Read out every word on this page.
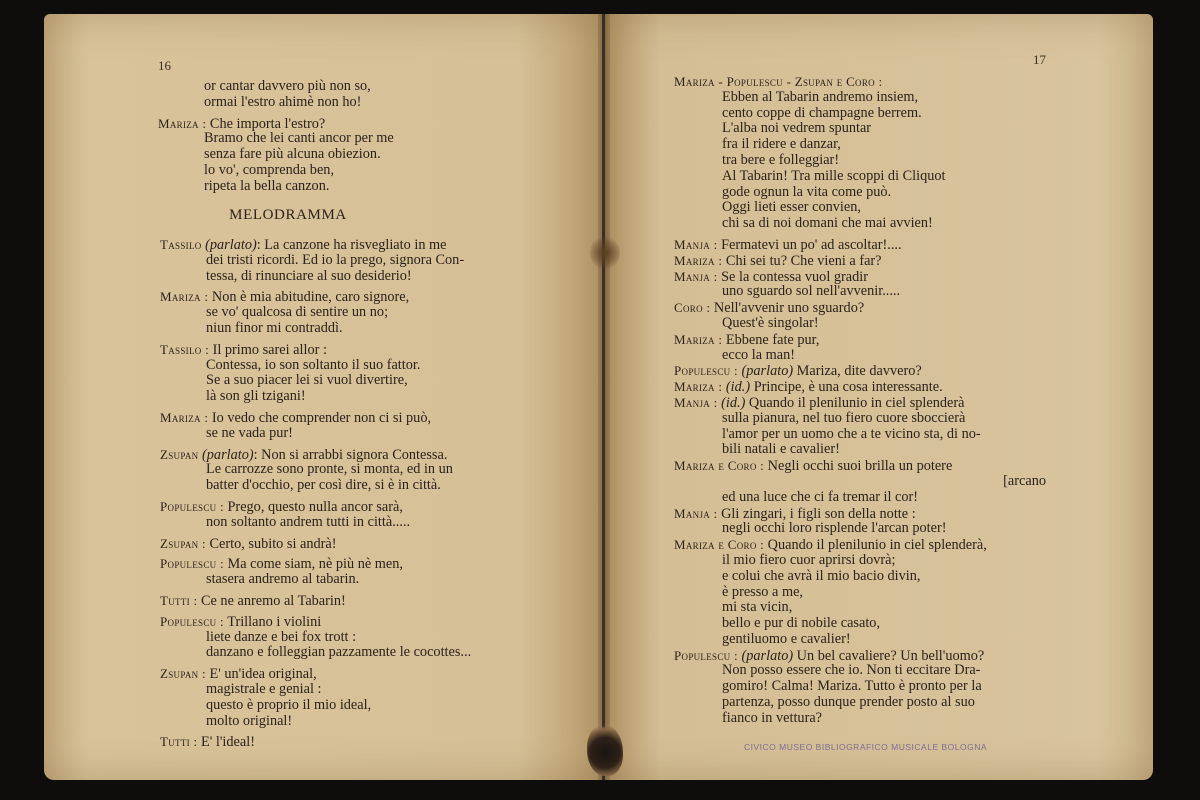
16	17
or cantar davvero più non so,
ormai l'estro ahimè non ho!
Mariza : Che importa l'estro?
Bramo che lei canti ancor per me
senza fare più alcuna obiezion.
lo vo', comprenda ben,
ripeta la bella canzon.
MELODRAMMA
Tassilo (parlato): La canzone ha risvegliato in me
dei tristi ricordi. Ed io la prego, signora Con-
tessa, di rinunciare al suo desiderio!
Mariza : Non è mia abitudine, caro signore,
se vo' qualcosa di sentire un no;
niun finor mi contraddì.
Tassilo : Il primo sarei allor :
Contessa, io son soltanto il suo fattor.
Se a suo piacer lei si vuol divertire,
là son gli tzigani!
Mariza : Io vedo che comprender non ci si può,
se ne vada pur!
Zsupan (parlato): Non si arrabbi signora Contessa.
Le carrozze sono pronte, si monta, ed in un
batter d'occhio, per così dire, si è in città.
Populescu : Prego, questo nulla ancor sarà,
non soltanto andrem tutti in città.....
Zsupan : Certo, subito si andrà!
Populescu : Ma come siam, nè più nè men,
stasera andremo al tabarin.
Tutti : Ce ne anremo al Tabarin!
Populescu : Trillano i violini
liete danze e bei fox trott :
danzano e folleggian pazzamente le cocottes...
Zsupan : E' un'idea original,
magistrale e genial :
questo è proprio il mio ideal,
molto original!
Tutti : E' l'ideal!
Mariza - Populescu - Zsupan e Coro :
Ebben al Tabarin andremo insiem,
cento coppe di champagne berrem.
L'alba noi vedrem spuntar
fra il ridere e danzar,
tra bere e folleggiar!
Al Tabarin! Tra mille scoppi di Cliquot
gode ognun la vita come può.
Oggi lieti esser convien,
chi sa di noi domani che mai avvien!
Manja : Fermatevi un po' ad ascoltar!....
Mariza : Chi sei tu? Che vieni a far?
Manja : Se la contessa vuol gradir
uno sguardo sol nell'avvenir.....
Coro : Nell'avvenir uno sguardo?
Quest'è singolar!
Mariza : Ebbene fate pur,
ecco la man!
Populescu : (parlato) Mariza, dite davvero?
Mariza : (id.) Principe, è una cosa interessante.
Manja : (id.) Quando il plenilunio in ciel splenderà
sulla pianura, nel tuo fiero cuore sboccierà
l'amor per un uomo che a te vicino sta, di no-
bili natali e cavalier!
Mariza e Coro : Negli occhi suoi brilla un potere
[arcano
ed una luce che ci fa tremar il cor!
Manja : Gli zingari, i figli son della notte :
negli occhi loro risplende l'arcan poter!
Mariza e Coro : Quando il plenilunio in ciel splenderà,
il mio fiero cuor aprirsi dovrà;
e colui che avrà il mio bacio divin,
è presso a me,
mi sta vicin,
bello e pur di nobile casato,
gentiluomo e cavalier!
Populescu : (parlato) Un bel cavaliere? Un bell'uomo?
Non posso essere che io. Non ti eccitare Dra-
gomiro! Calma! Mariza. Tutto è pronto per la
partenza, posso dunque prender posto al suo
fianco in vettura?
CIVICO MUSEO BIBLIOGRAFICO MUSICALE BOLOGNA
